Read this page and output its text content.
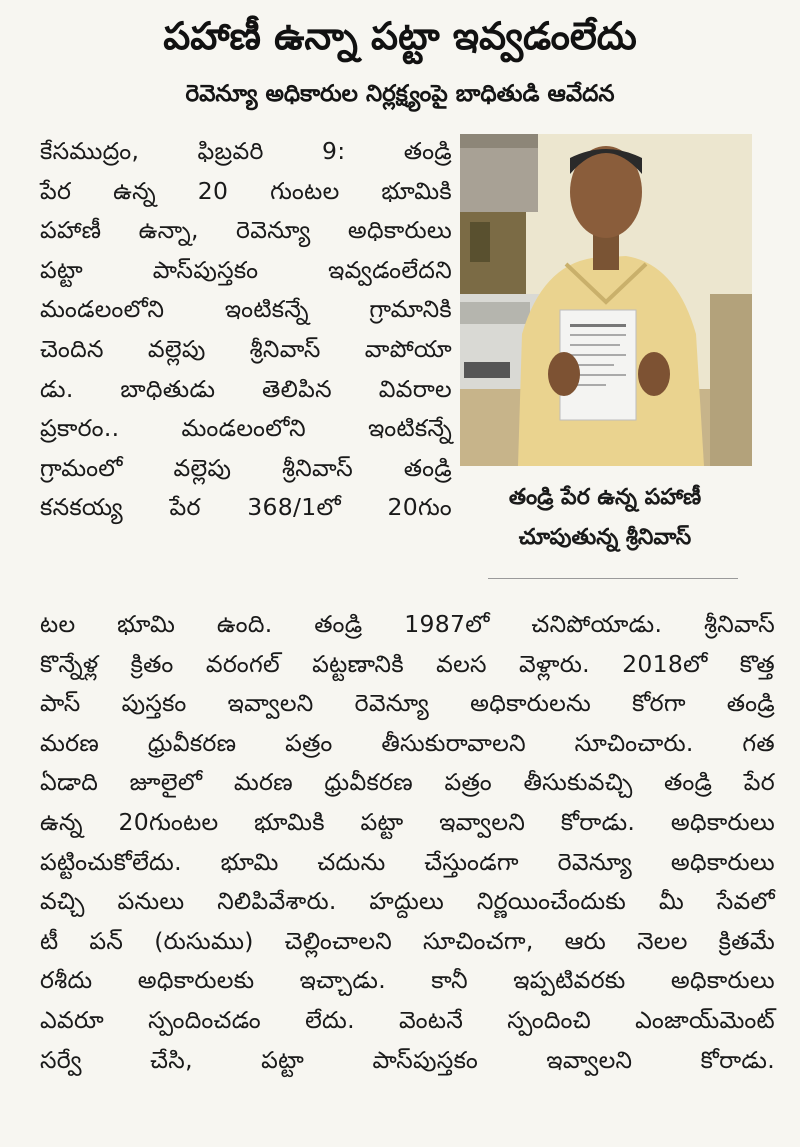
పహాణీ ఉన్నా పట్టా ఇవ్వడంలేదు
రెవెన్యూ అధికారుల నిర్లక్ష్యంపై బాధితుడి ఆవేదన
కేసముద్రం, ఫిబ్రవరి 9: తండ్రి
పేర ఉన్న 20 గుంటల భూమికి
పహాణీ ఉన్నా, రెవెన్యూ అధికారులు
పట్టా పాస్‌పుస్తకం ఇవ్వడంలేదని
మండలంలోని ఇంటికన్నే గ్రామానికి
చెందిన వల్లెపు శ్రీనివాస్ వాపోయా
డు. బాధితుడు తెలిపిన వివరాల
ప్రకారం.. మండలంలోని ఇంటికన్నే
గ్రామంలో వల్లెపు శ్రీనివాస్ తండ్రి
కనకయ్య పేర 368/1లో 20గుం	తండ్రి పేర ఉన్న పహాణీ
చూపుతున్న శ్రీనివాస్
టల భూమి ఉంది. తండ్రి 1987లో చనిపోయాడు. శ్రీనివాస్
కొన్నేళ్ల క్రితం వరంగల్ పట్టణానికి వలస వెళ్లారు. 2018లో కొత్త
పాస్ పుస్తకం ఇవ్వాలని రెవెన్యూ అధికారులను కోరగా తండ్రి
మరణ ధ్రువీకరణ పత్రం తీసుకురావాలని సూచించారు. గత
ఏడాది జూలైలో మరణ ధ్రువీకరణ పత్రం తీసుకువచ్చి తండ్రి పేర
ఉన్న 20గుంటల భూమికి పట్టా ఇవ్వాలని కోరాడు. అధికారులు
పట్టించుకోలేదు. భూమి చదును చేస్తుండగా రెవెన్యూ అధికారులు
వచ్చి పనులు నిలిపివేశారు. హద్దులు నిర్ణయించేందుకు మీ సేవలో
టీ పన్ (రుసుము) చెల్లించాలని సూచించగా, ఆరు నెలల క్రితమే
రశీదు అధికారులకు ఇచ్చాడు. కానీ ఇప్పటివరకు అధికారులు
ఎవరూ స్పందించడం లేదు. వెంటనే స్పందించి ఎంజాయ్‌మెంట్
సర్వే చేసి, పట్టా పాస్‌పుస్తకం ఇవ్వాలని కోరాడు.
